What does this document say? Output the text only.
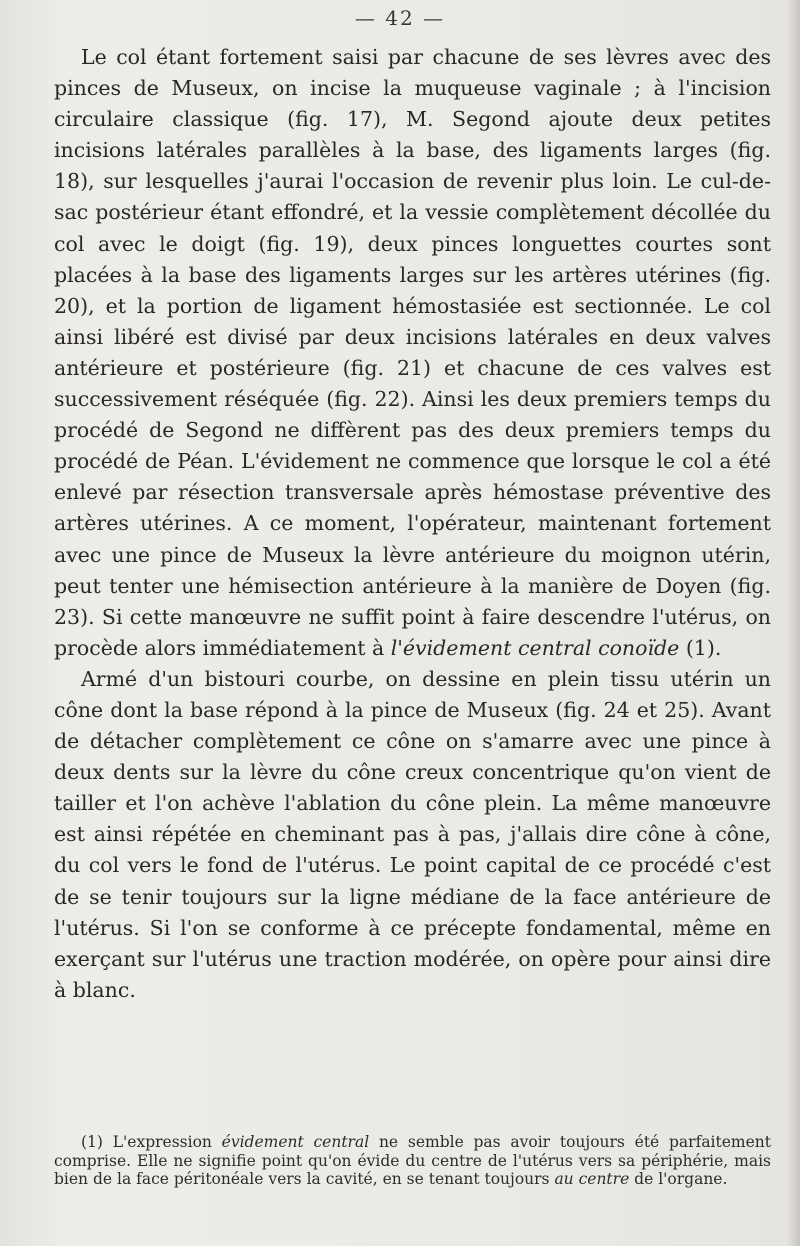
— 42 —

Le col étant fortement saisi par chacune de ses lèvres avec des pinces de Museux, on incise la muqueuse vaginale ; à l'incision circulaire classique (fig. 17), M. Segond ajoute deux petites incisions latérales parallèles à la base, des ligaments larges (fig. 18), sur lesquelles j'aurai l'occasion de revenir plus loin. Le cul-de-sac postérieur étant effondré, et la vessie complètement décollée du col avec le doigt (fig. 19), deux pinces longuettes courtes sont placées à la base des ligaments larges sur les artères utérines (fig. 20), et la portion de ligament hémostasiée est sectionnée. Le col ainsi libéré est divisé par deux incisions latérales en deux valves antérieure et postérieure (fig. 21) et chacune de ces valves est successivement réséquée (fig. 22). Ainsi les deux premiers temps du procédé de Segond ne diffèrent pas des deux premiers temps du procédé de Péan. L'évidement ne commence que lorsque le col a été enlevé par résection transversale après hémostase préventive des artères utérines. A ce moment, l'opérateur, maintenant fortement avec une pince de Museux la lèvre antérieure du moignon utérin, peut tenter une hémisection antérieure à la manière de Doyen (fig. 23). Si cette manœuvre ne suffit point à faire descendre l'utérus, on procède alors immédiatement à l'évidement central conoïde (1).

Armé d'un bistouri courbe, on dessine en plein tissu utérin un cône dont la base répond à la pince de Museux (fig. 24 et 25). Avant de détacher complètement ce cône on s'amarre avec une pince à deux dents sur la lèvre du cône creux concentrique qu'on vient de tailler et l'on achève l'ablation du cône plein. La même manœuvre est ainsi répétée en cheminant pas à pas, j'allais dire cône à cône, du col vers le fond de l'utérus. Le point capital de ce procédé c'est de se tenir toujours sur la ligne médiane de la face antérieure de l'utérus. Si l'on se conforme à ce précepte fondamental, même en exerçant sur l'utérus une traction modérée, on opère pour ainsi dire à blanc.

(1) L'expression évidement central ne semble pas avoir toujours été parfaitement comprise. Elle ne signifie point qu'on évide du centre de l'utérus vers sa périphérie, mais bien de la face péritonéale vers la cavité, en se tenant toujours au centre de l'organe.
